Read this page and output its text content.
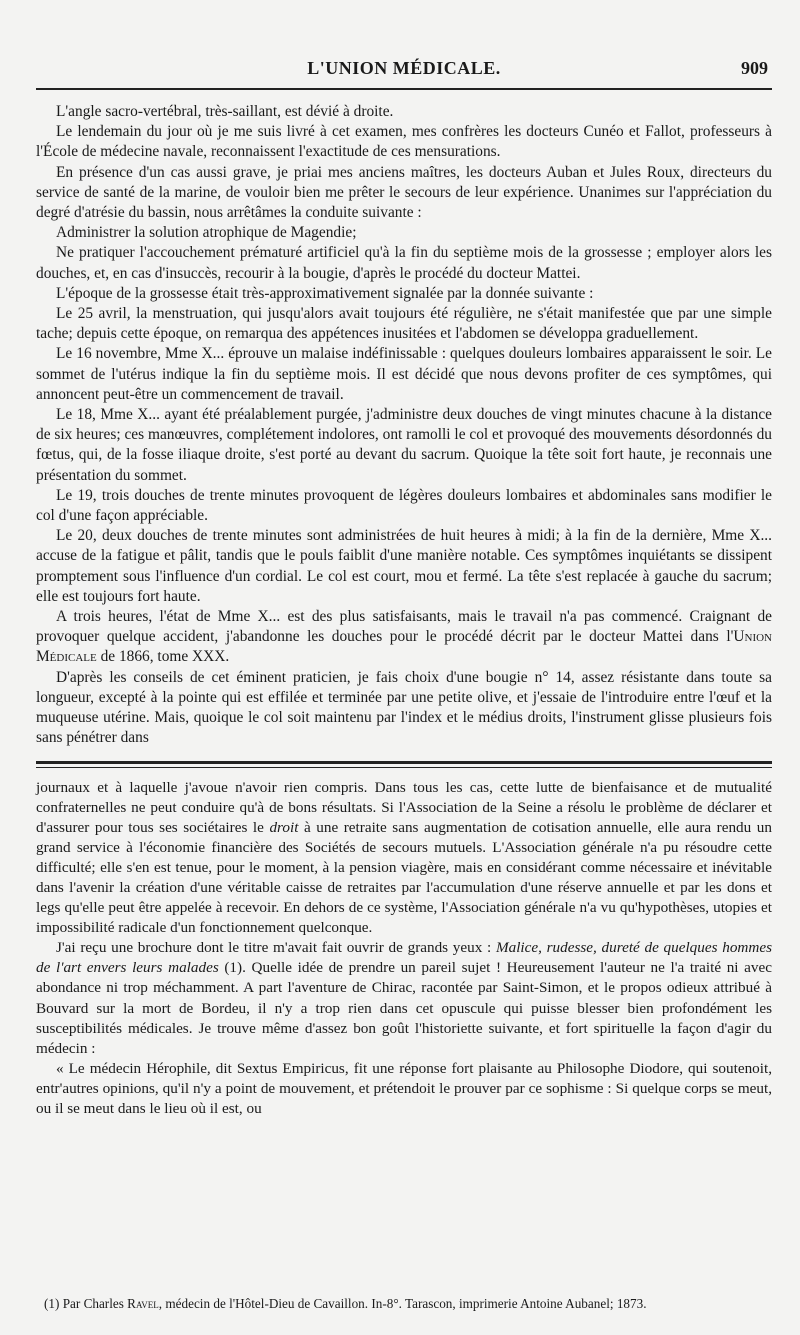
L'UNION MÉDICALE.	909

L'angle sacro-vertébral, très-saillant, est dévié à droite.

Le lendemain du jour où je me suis livré à cet examen, mes confrères les docteurs Cunéo et Fallot, professeurs à l'École de médecine navale, reconnaissent l'exactitude de ces mensurations.

En présence d'un cas aussi grave, je priai mes anciens maîtres, les docteurs Auban et Jules Roux, directeurs du service de santé de la marine, de vouloir bien me prêter le secours de leur expérience. Unanimes sur l'appréciation du degré d'atrésie du bassin, nous arrêtâmes la conduite suivante :

Administrer la solution atrophique de Magendie;

Ne pratiquer l'accouchement prématuré artificiel qu'à la fin du septième mois de la grossesse ; employer alors les douches, et, en cas d'insuccès, recourir à la bougie, d'après le procédé du docteur Mattei.

L'époque de la grossesse était très-approximativement signalée par la donnée suivante :

Le 25 avril, la menstruation, qui jusqu'alors avait toujours été régulière, ne s'était manifestée que par une simple tache; depuis cette époque, on remarqua des appétences inusitées et l'abdomen se développa graduellement.

Le 16 novembre, Mme X... éprouve un malaise indéfinissable : quelques douleurs lombaires apparaissent le soir. Le sommet de l'utérus indique la fin du septième mois. Il est décidé que nous devons profiter de ces symptômes, qui annoncent peut-être un commencement de travail.

Le 18, Mme X... ayant été préalablement purgée, j'administre deux douches de vingt minutes chacune à la distance de six heures; ces manœuvres, complétement indolores, ont ramolli le col et provoqué des mouvements désordonnés du fœtus, qui, de la fosse iliaque droite, s'est porté au devant du sacrum. Quoique la tête soit fort haute, je reconnais une présentation du sommet.

Le 19, trois douches de trente minutes provoquent de légères douleurs lombaires et abdominales sans modifier le col d'une façon appréciable.

Le 20, deux douches de trente minutes sont administrées de huit heures à midi; à la fin de la dernière, Mme X... accuse de la fatigue et pâlit, tandis que le pouls faiblit d'une manière notable. Ces symptômes inquiétants se dissipent promptement sous l'influence d'un cordial. Le col est court, mou et fermé. La tête s'est replacée à gauche du sacrum; elle est toujours fort haute.

A trois heures, l'état de Mme X... est des plus satisfaisants, mais le travail n'a pas commencé. Craignant de provoquer quelque accident, j'abandonne les douches pour le procédé décrit par le docteur Mattei dans l'Union Médicale de 1866, tome XXX.

D'après les conseils de cet éminent praticien, je fais choix d'une bougie n° 14, assez résistante dans toute sa longueur, excepté à la pointe qui est effilée et terminée par une petite olive, et j'essaie de l'introduire entre l'œuf et la muqueuse utérine. Mais, quoique le col soit maintenu par l'index et le médius droits, l'instrument glisse plusieurs fois sans pénétrer dans

journaux et à laquelle j'avoue n'avoir rien compris. Dans tous les cas, cette lutte de bienfaisance et de mutualité confraternelles ne peut conduire qu'à de bons résultats. Si l'Association de la Seine a résolu le problème de déclarer et d'assurer pour tous ses sociétaires le droit à une retraite sans augmentation de cotisation annuelle, elle aura rendu un grand service à l'économie financière des Sociétés de secours mutuels. L'Association générale n'a pu résoudre cette difficulté; elle s'en est tenue, pour le moment, à la pension viagère, mais en considérant comme nécessaire et inévitable dans l'avenir la création d'une véritable caisse de retraites par l'accumulation d'une réserve annuelle et par les dons et legs qu'elle peut être appelée à recevoir. En dehors de ce système, l'Association générale n'a vu qu'hypothèses, utopies et impossibilité radicale d'un fonctionnement quelconque.

J'ai reçu une brochure dont le titre m'avait fait ouvrir de grands yeux : Malice, rudesse, dureté de quelques hommes de l'art envers leurs malades (1). Quelle idée de prendre un pareil sujet ! Heureusement l'auteur ne l'a traité ni avec abondance ni trop méchamment. A part l'aventure de Chirac, racontée par Saint-Simon, et le propos odieux attribué à Bouvard sur la mort de Bordeu, il n'y a trop rien dans cet opuscule qui puisse blesser bien profondément les susceptibilités médicales. Je trouve même d'assez bon goût l'historiette suivante, et fort spirituelle la façon d'agir du médecin :

« Le médecin Hérophile, dit Sextus Empiricus, fit une réponse fort plaisante au Philosophe Diodore, qui soutenoit, entr'autres opinions, qu'il n'y a point de mouvement, et prétendoit le prouver par ce sophisme : Si quelque corps se meut, ou il se meut dans le lieu où il est, ou

(1) Par Charles Ravel, médecin de l'Hôtel-Dieu de Cavaillon. In-8°. Tarascon, imprimerie Antoine Aubanel; 1873.
